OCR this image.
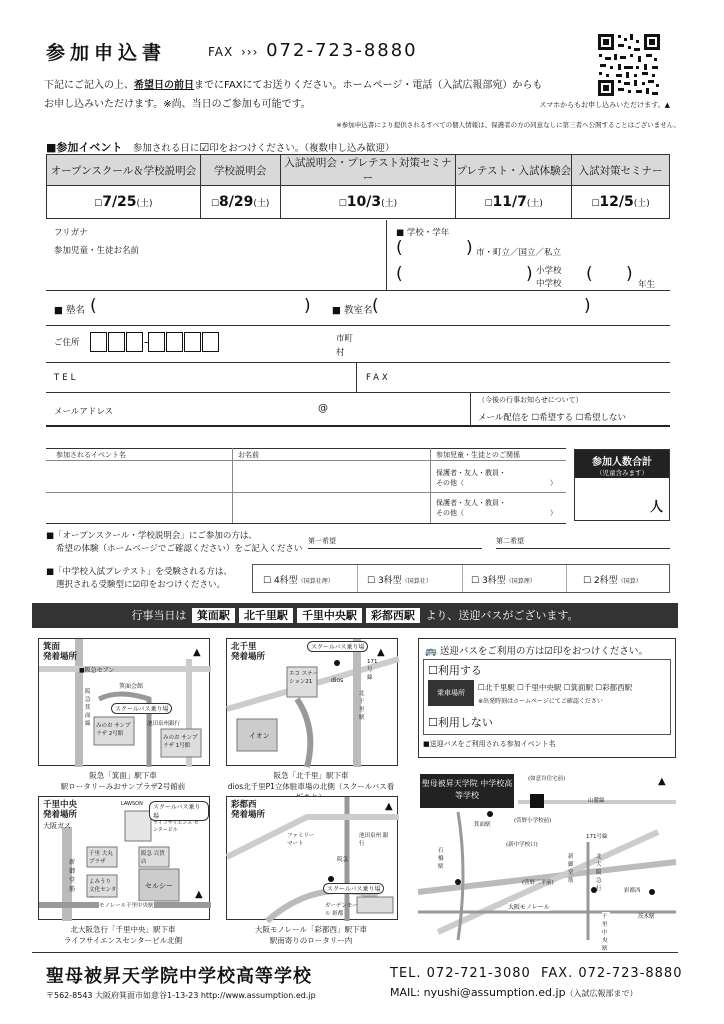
参加申込書	FAX ››› 072-723-8880
下記にご記入の上、希望日の前日までにFAXにてお送りください。ホームページ・電話（入試広報部宛）からも
お申し込みいただけます。※尚、当日のご参加も可能です。	スマホからもお申し込みいただけます。▲
※参加申込書により提供されるすべての個人情報は、保護者の方の同意なしに第三者へ公開することはございません。
■参加イベント 参加される日に☑印をおつけください。（複数申し込み歓迎）
オープンスクール＆学校説明会	学校説明会	入試説明会・プレテスト対策セミナー	プレテスト・入試体験会	入試対策セミナー
☐7/25(土)	☐8/29(土)	☐10/3(土)	☐11/7(土)	☐12/5(土)
フリガナ
参加児童・生徒お名前
■ 学校・学年
(	) 市・町立／国立／私立
(	) 小学校
中学校 ( )
年生
■ 塾名 (	) ■ 教室名 (	)
ご住所	-	市町
村
TEL	FAX
メールアドレス	@
（今後の行事お知らせについて）
メール配信を ☐希望する ☐希望しない
参加されるイベント名	お名前	参加児童・生徒とのご関係
保護者・友人・教員・
その他（	）
保護者・友人・教員・
その他（	）
参加人数合計
（児童含みます）
人
■「オープンスクール・学校説明会」にご参加の方は、
希望の体験（ホームページでご確認ください）をご記入ください
第一希望	第二希望
■「中学校入試プレテスト」を受験される方は、
選択される受験型に☑印をおつけください。	☐ 4科型（国算社理）	☐ 3科型（国算社）	☐ 3科型（国算理）	☐ 2科型（国算）
行事当日は 箕面駅 北千里駅 千里中央駅 彩都西駅 より、送迎バスがございます。
箕面
発着場所
■阪急セブン
箕面会館
スクールバス乗り場
みのお サンプラザ 2号館
池田泉州銀行
みのお サンプラザ 1号館
阪急箕面線
▲
阪急「箕面」駅下車
駅ロータリーみおサンプラザ2号館前
北千里
発着場所
スクールバス乗り場
エコ ステーション21	dios
イオン
北千里駅
171号線
▲
阪急「北千里」駅下車
dios北千里P1立体駐車場の北側（スクールバス看
千里中央
発着場所
大阪ガス
LAWSON	スクールバス乗り場
ライフサイエンス センタービル
千里 大丸プラザ
阪急 百貨店
よみうり 文化センター
セルシー
新御堂筋
モノレール千里中央駅
▲
北大阪急行「千里中央」駅下車
ライフサイエンスセンタービル北側
彩都西
発着場所
ファミリー マート
池田泉州 銀行
阪急
スクールバス乗り場
ガーデンモール 彩都
▲
大阪モノレール「彩都西」駅下車
駅南寄りのロータリー内
🚌 送迎バスをご利用の方は☑印をおつけください。
☐利用する
乗車場所
☐北千里駅 ☐千里中央駅 ☐箕面駅 ☐彩都西駅
※出発時刻はホームページにてご確認ください
☐利用しない
■送迎バスをご利用される参加イベント名
聖母被昇天学院 中学校高等学校
(如意谷住宅前)
山麓線
箕面駅
(萱野小学校前)
(新中学校口)
171号線
石橋駅
(萱野三平前)
新御堂筋
北大阪急行
大阪モノレール
千里中央駅
彩都西
茨木駅
▲
聖母被昇天学院中学校高等学校
〒562-8543 大阪府箕面市如意谷1-13-23 http://www.assumption.ed.jp
TEL. 072-721-3080 FAX. 072-723-8880
MAIL: nyushi@assumption.ed.jp（入試広報部まで）
